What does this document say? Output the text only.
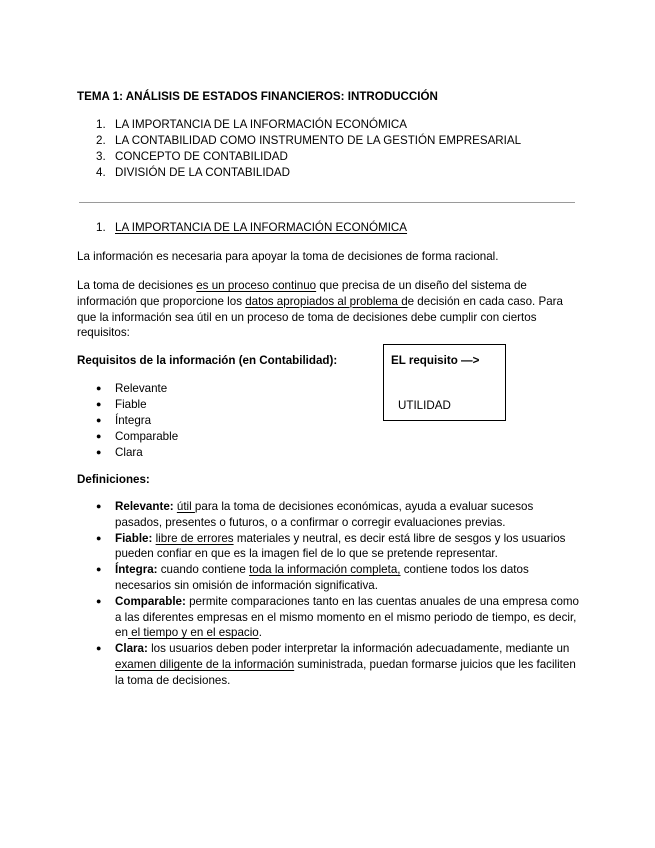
TEMA 1: ANÁLISIS DE ESTADOS FINANCIEROS: INTRODUCCIÓN
1. LA IMPORTANCIA DE LA INFORMACIÓN ECONÓMICA
2. LA CONTABILIDAD COMO INSTRUMENTO DE LA GESTIÓN EMPRESARIAL
3. CONCEPTO DE CONTABILIDAD
4. DIVISIÓN DE LA CONTABILIDAD
1. LA IMPORTANCIA DE LA INFORMACIÓN ECONÓMICA

La información es necesaria para apoyar la toma de decisiones de forma racional.

La toma de decisiones es un proceso continuo que precisa de un diseño del sistema de información que proporcione los datos apropiados al problema de decisión en cada caso. Para que la información sea útil en un proceso de toma de decisiones debe cumplir con ciertos requisitos:

Requisitos de la información (en Contabilidad):
● Relevante
● Fiable
● Íntegra
● Comparable
● Clara
EL requisito —>
UTILIDAD
Definiciones:
●	Relevante: útil para la toma de decisiones económicas, ayuda a evaluar sucesos pasados, presentes o futuros, o a confirmar o corregir evaluaciones previas.
●	Fiable: libre de errores materiales y neutral, es decir está libre de sesgos y los usuarios pueden confiar en que es la imagen fiel de lo que se pretende representar.
●	Íntegra: cuando contiene toda la información completa, contiene todos los datos necesarios sin omisión de información significativa.
●	Comparable: permite comparaciones tanto en las cuentas anuales de una empresa como a las diferentes empresas en el mismo momento en el mismo periodo de tiempo, es decir, en el tiempo y en el espacio.
●	Clara: los usuarios deben poder interpretar la información adecuadamente, mediante un examen diligente de la información suministrada, puedan formarse juicios que les faciliten la toma de decisiones.
